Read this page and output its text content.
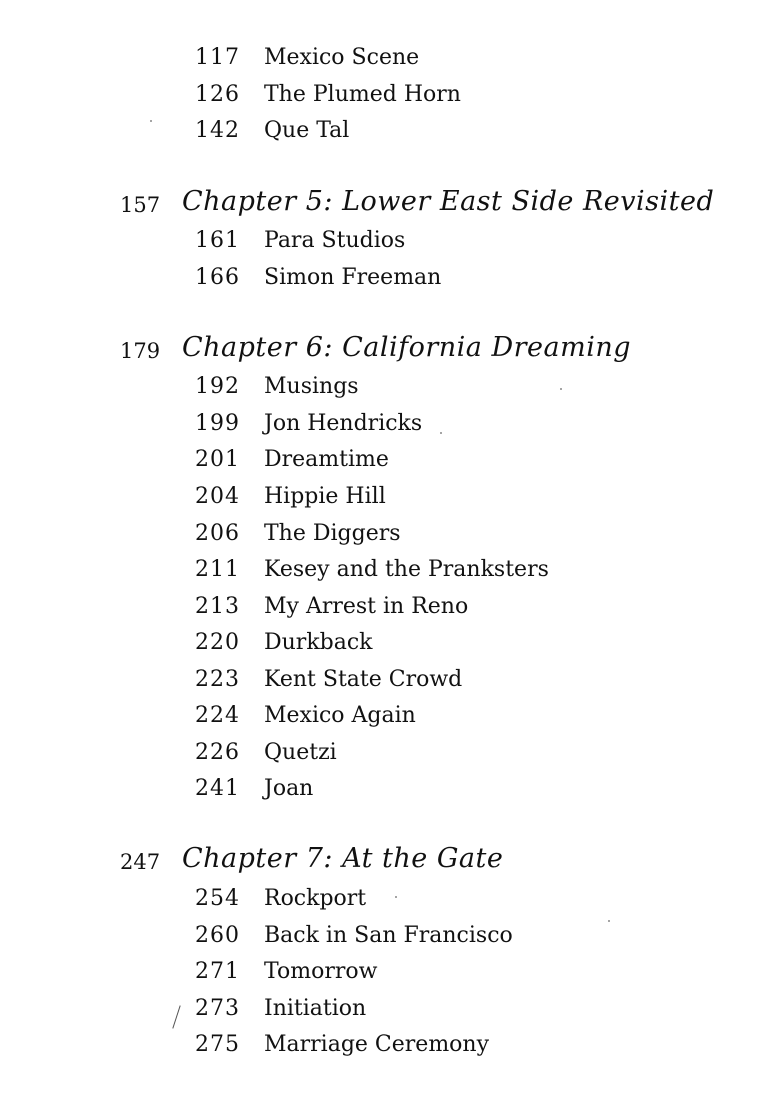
117 Mexico Scene
126 The Plumed Horn
142 Que Tal
157 Chapter 5: Lower East Side Revisited
161 Para Studios
166 Simon Freeman
179 Chapter 6: California Dreaming
192 Musings
199 Jon Hendricks
201 Dreamtime
204 Hippie Hill
206 The Diggers
211 Kesey and the Pranksters
213 My Arrest in Reno
220 Durkback
223 Kent State Crowd
224 Mexico Again
226 Quetzi
241 Joan
247 Chapter 7: At the Gate
254 Rockport
260 Back in San Francisco
271 Tomorrow
273 Initiation
275 Marriage Ceremony
